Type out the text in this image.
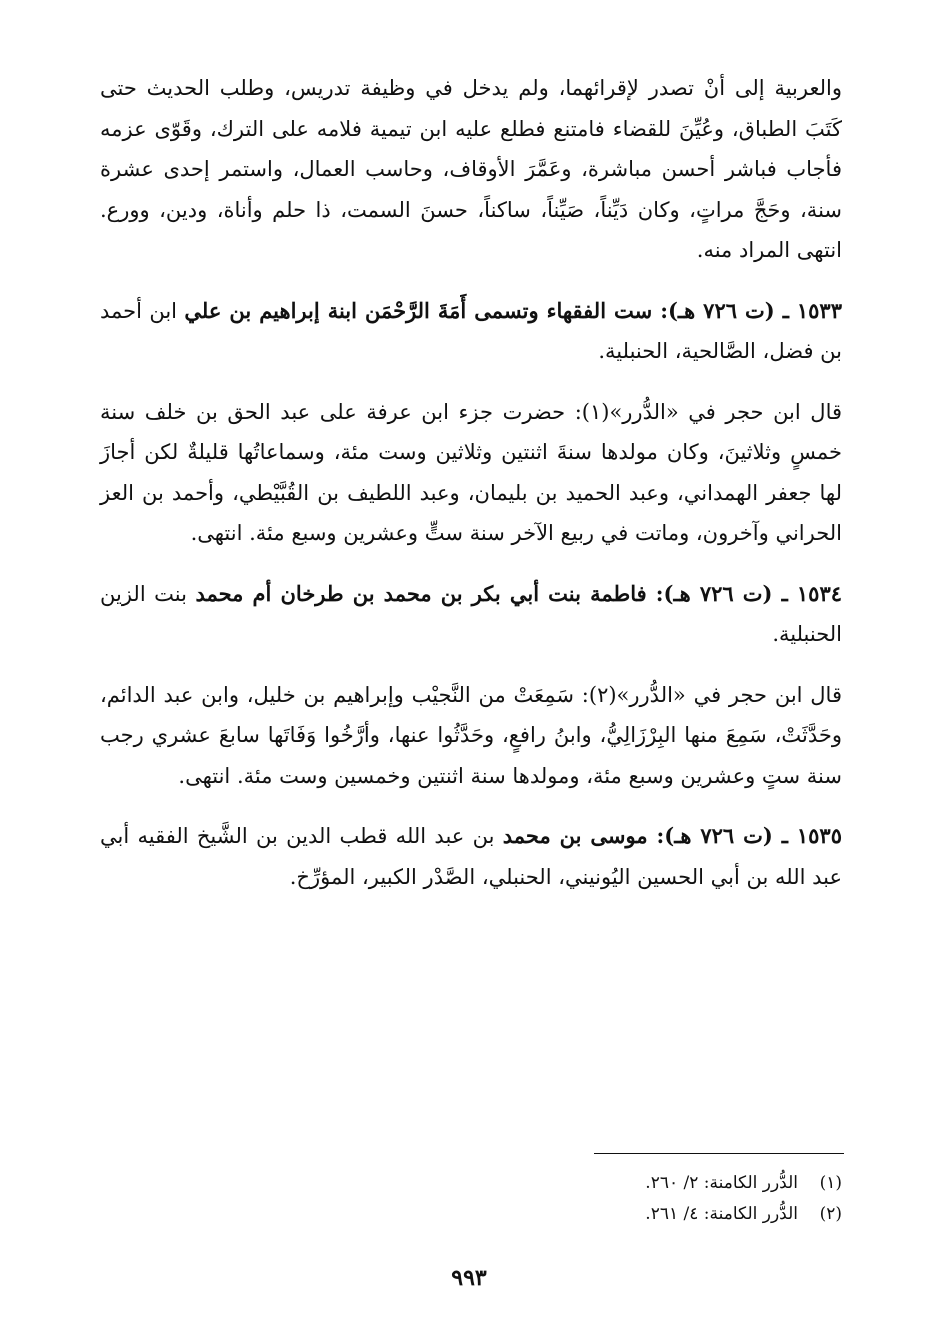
والعربية إلى أنْ تصدر لإقرائهما، ولم يدخل في وظيفة تدريس، وطلب الحديث حتى كَتَبَ الطباق، وعُيِّنَ للقضاء فامتنع فطلع عليه ابن تيمية فلامه على الترك، وقَوّى عزمه فأجاب فباشر أحسن مباشرة، وعَمَّرَ الأوقاف، وحاسب العمال، واستمر إحدى عشرة سنة، وحَجَّ مراتٍ، وكان دَيِّناً، صَيِّناً، ساكناً، حسنَ السمت، ذا حلم وأناة، ودين، وورع. انتهى المراد منه.

١٥٣٣ ـ (ت ٧٢٦ هـ): ست الفقهاء وتسمى أَمَةَ الرَّحْمَن ابنة إبراهيم بن علي ابن أحمد بن فضل، الصَّالحية، الحنبلية.

قال ابن حجر في «الدُّرر»(١): حضرت جزء ابن عرفة على عبد الحق بن خلف سنة خمسٍ وثلاثينَ، وكان مولدها سنةَ اثنتين وثلاثين وست مئة، وسماعاتُها قليلةٌ لكن أجازَ لها جعفر الهمداني، وعبد الحميد بن بليمان، وعبد اللطيف بن القُبَّيْطي، وأحمد بن العز الحراني وآخرون، وماتت في ربيع الآخر سنة ستٍّ وعشرين وسبع مئة. انتهى.

١٥٣٤ ـ (ت ٧٢٦ هـ): فاطمة بنت أبي بكر بن محمد بن طرخان أم محمد بنت الزين الحنبلية.

قال ابن حجر في «الدُّرر»(٢): سَمِعَتْ من النَّجيْب وإبراهيم بن خليل، وابن عبد الدائم، وحَدَّثَتْ، سَمِعَ منها البِرْزَالِيُّ، وابنُ رافعٍ، وحَدَّثُوا عنها، وأرَّخُوا وَفَاتَها سابعَ عشري رجب سنة ستٍ وعشرين وسبع مئة، ومولدها سنة اثنتين وخمسين وست مئة. انتهى.

١٥٣٥ ـ (ت ٧٢٦ هـ): موسى بن محمد بن عبد الله قطب الدين بن الشَّيخ الفقيه أبي عبد الله بن أبي الحسين اليُونيني، الحنبلي، الصَّدْر الكبير، المؤرِّخ.

(١)الدُّرر الكامنة: ٢/ ٢٦٠.
(٢)الدُّرر الكامنة: ٤/ ٢٦١.
٩٩٣
